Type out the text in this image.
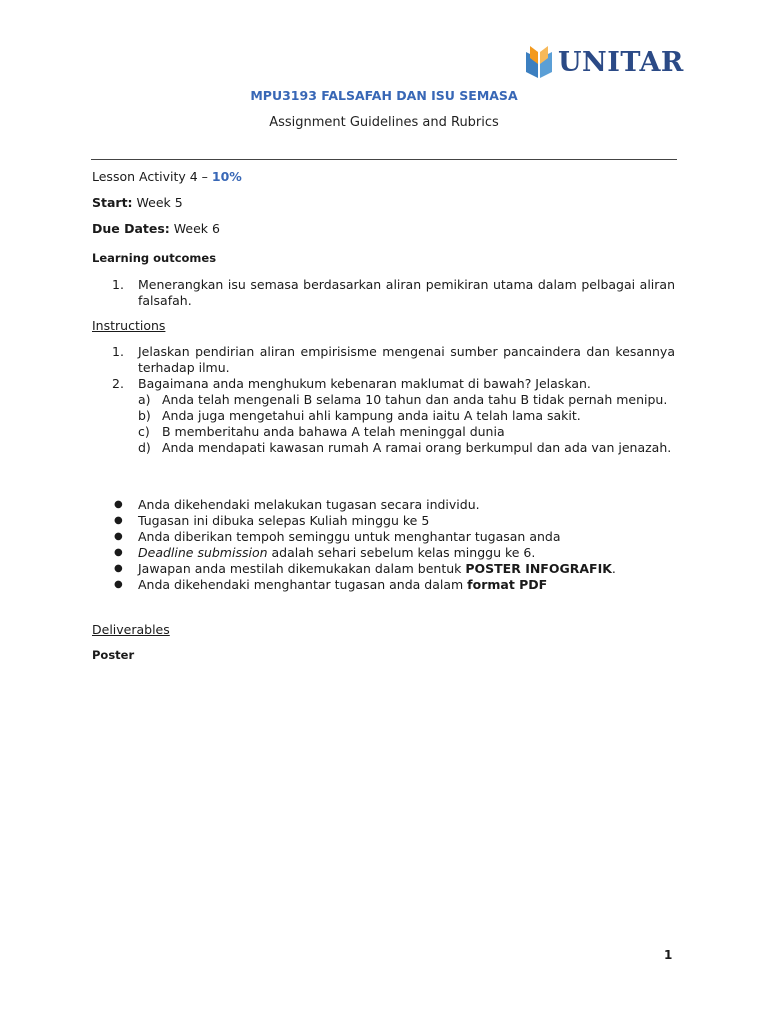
UNITAR
MPU3193 FALSAFAH DAN ISU SEMASA
Assignment Guidelines and Rubrics
Lesson Activity 4 – 10%
Start: Week 5
Due Dates: Week 6
Learning outcomes
1.	Menerangkan isu semasa berdasarkan aliran pemikiran utama dalam pelbagai aliran falsafah.
Instructions
1.	Jelaskan pendirian aliran empirisisme mengenai sumber pancaindera dan kesannya terhadap ilmu.
2.	Bagaimana anda menghukum kebenaran maklumat di bawah? Jelaskan.
a) Anda telah mengenali B selama 10 tahun dan anda tahu B tidak pernah menipu.
b) Anda juga mengetahui ahli kampung anda iaitu A telah lama sakit.
c) B memberitahu anda bahawa A telah meninggal dunia
d) Anda mendapati kawasan rumah A ramai orang berkumpul dan ada van jenazah.
●	Anda dikehendaki melakukan tugasan secara individu.
●	Tugasan ini dibuka selepas Kuliah minggu ke 5
●	Anda diberikan tempoh seminggu untuk menghantar tugasan anda
●	Deadline submission adalah sehari sebelum kelas minggu ke 6.
●	Jawapan anda mestilah dikemukakan dalam bentuk POSTER INFOGRAFIK.
●	Anda dikehendaki menghantar tugasan anda dalam format PDF
Deliverables
Poster
1
